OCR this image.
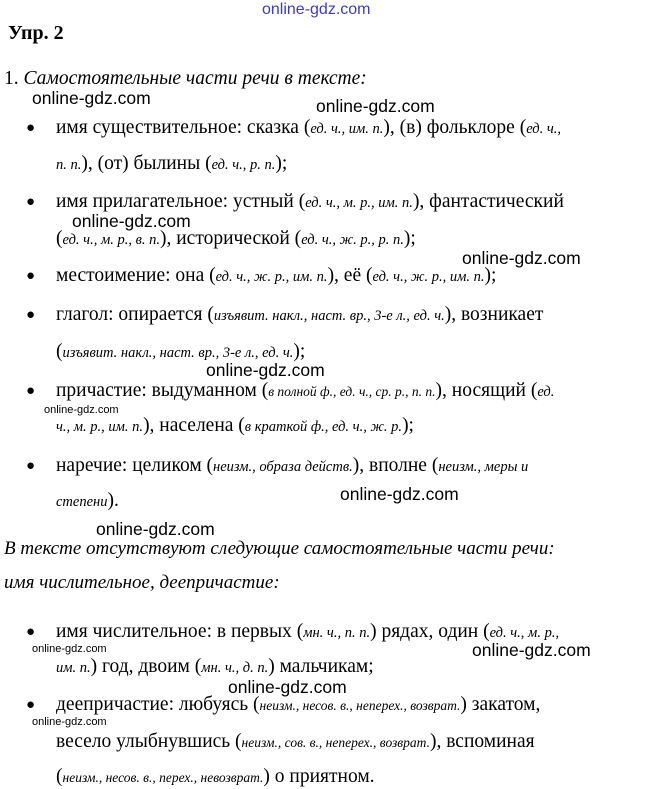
online-gdz.com
online-gdz.com	online-gdz.com
online-gdz.com
online-gdz.com
online-gdz.com
online-gdz.com
online-gdz.com
online-gdz.com
online-gdz.com	online-gdz.com
online-gdz.com
online-gdz.com
Упр. 2
1. Самостоятельные части речи в тексте:
● имя существительное: сказка (ед. ч., им. п.), (в) фольклоре (ед. ч.,
п. п.), (от) былины (ед. ч., р. п.);
● имя прилагательное: устный (ед. ч., м. р., им. п.), фантастический
(ед. ч., м. р., в. п.), исторической (ед. ч., ж. р., р. п.);
● местоимение: она (ед. ч., ж. р., им. п.), её (ед. ч., ж. р., им. п.);
● глагол: опирается (изъявит. накл., наст. вр., 3-е л., ед. ч.), возникает
(изъявит. накл., наст. вр., 3-е л., ед. ч.);
● причастие: выдуманном (в полной ф., ед. ч., ср. р., п. п.), носящий (ед.
ч., м. р., им. п.), населена (в краткой ф., ед. ч., ж. р.);
● наречие: целиком (неизм., образа действ.), вполне (неизм., меры и
степени).
В тексте отсутствуют следующие самостоятельные части речи:
имя числительное, деепричастие:
● имя числительное: в первых (мн. ч., п. п.) рядах, один (ед. ч., м. р.,
им. п.) год, двоим (мн. ч., д. п.) мальчикам;
● деепричастие: любуясь (неизм., несов. в., неперех., возврат.) закатом,
весело улыбнувшись (неизм., сов. в., неперех., возврат.), вспоминая
(неизм., несов. в., перех., невозврат.) о приятном.
